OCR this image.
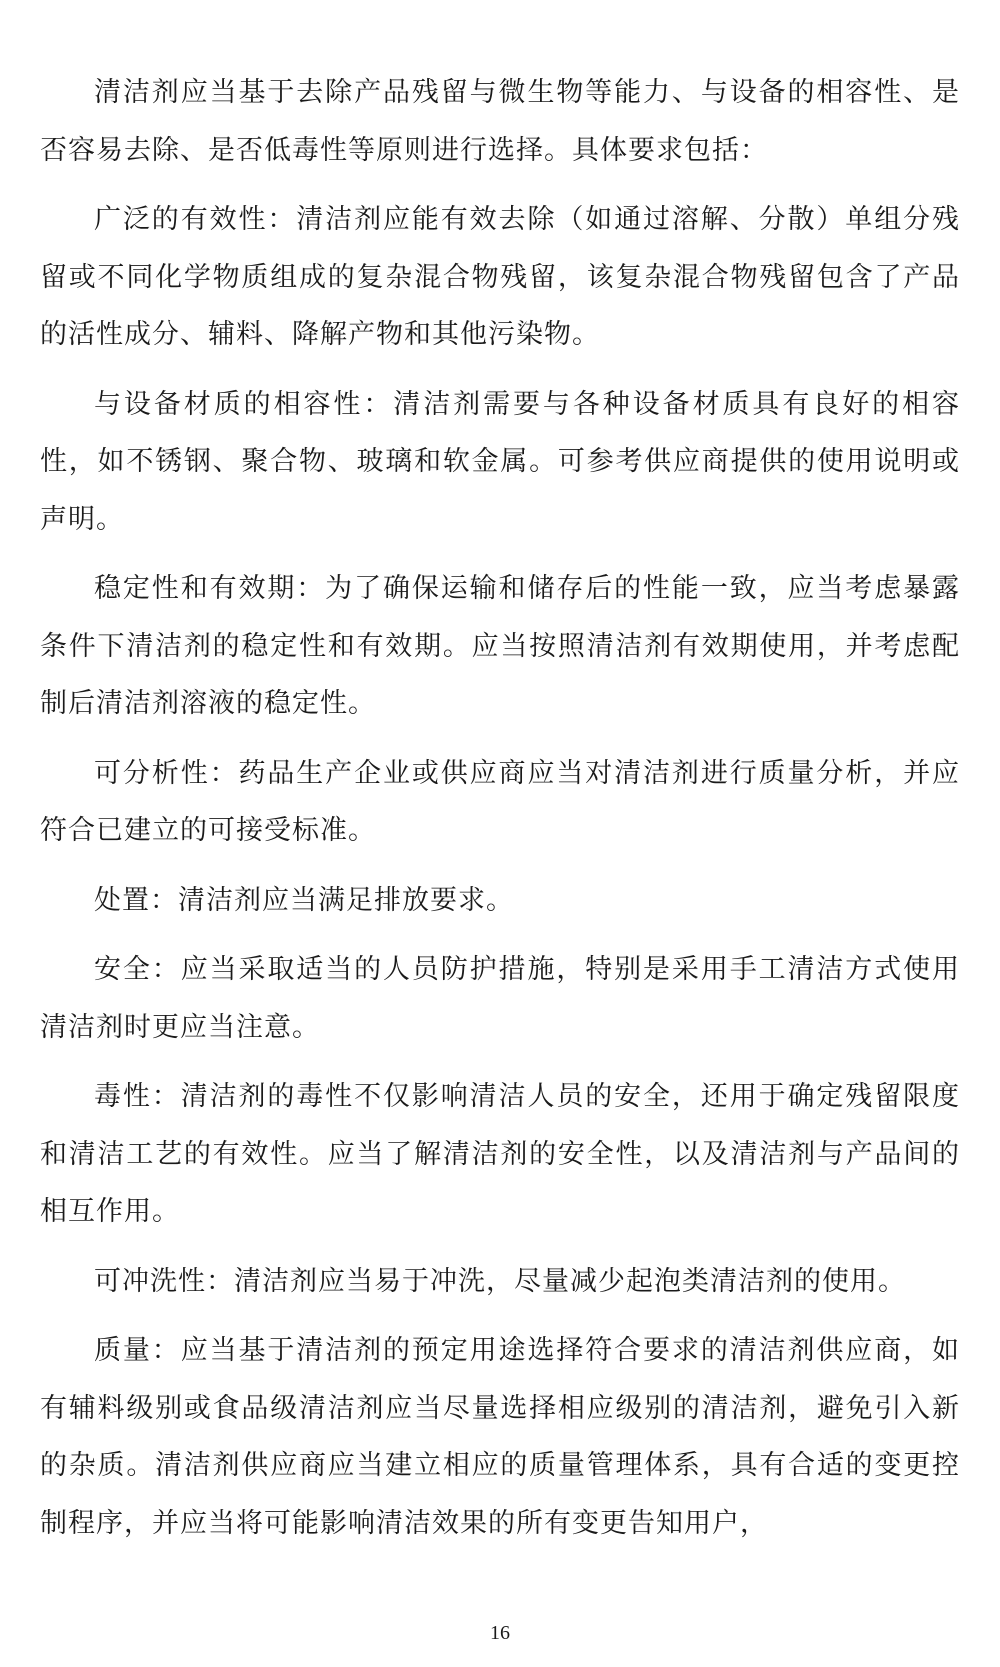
清洁剂应当基于去除产品残留与微生物等能力、与设备的相容性、是否容易去除、是否低毒性等原则进行选择。具体要求包括：

广泛的有效性：清洁剂应能有效去除（如通过溶解、分散）单组分残留或不同化学物质组成的复杂混合物残留，该复杂混合物残留包含了产品的活性成分、辅料、降解产物和其他污染物。

与设备材质的相容性：清洁剂需要与各种设备材质具有良好的相容性，如不锈钢、聚合物、玻璃和软金属。可参考供应商提供的使用说明或声明。

稳定性和有效期：为了确保运输和储存后的性能一致，应当考虑暴露条件下清洁剂的稳定性和有效期。应当按照清洁剂有效期使用，并考虑配制后清洁剂溶液的稳定性。

可分析性：药品生产企业或供应商应当对清洁剂进行质量分析，并应符合已建立的可接受标准。

处置：清洁剂应当满足排放要求。

安全：应当采取适当的人员防护措施，特别是采用手工清洁方式使用清洁剂时更应当注意。

毒性：清洁剂的毒性不仅影响清洁人员的安全，还用于确定残留限度和清洁工艺的有效性。应当了解清洁剂的安全性，以及清洁剂与产品间的相互作用。

可冲洗性：清洁剂应当易于冲洗，尽量减少起泡类清洁剂的使用。

质量：应当基于清洁剂的预定用途选择符合要求的清洁剂供应商，如有辅料级别或食品级清洁剂应当尽量选择相应级别的清洁剂，避免引入新的杂质。清洁剂供应商应当建立相应的质量管理体系，具有合适的变更控制程序，并应当将可能影响清洁效果的所有变更告知用户，

16
